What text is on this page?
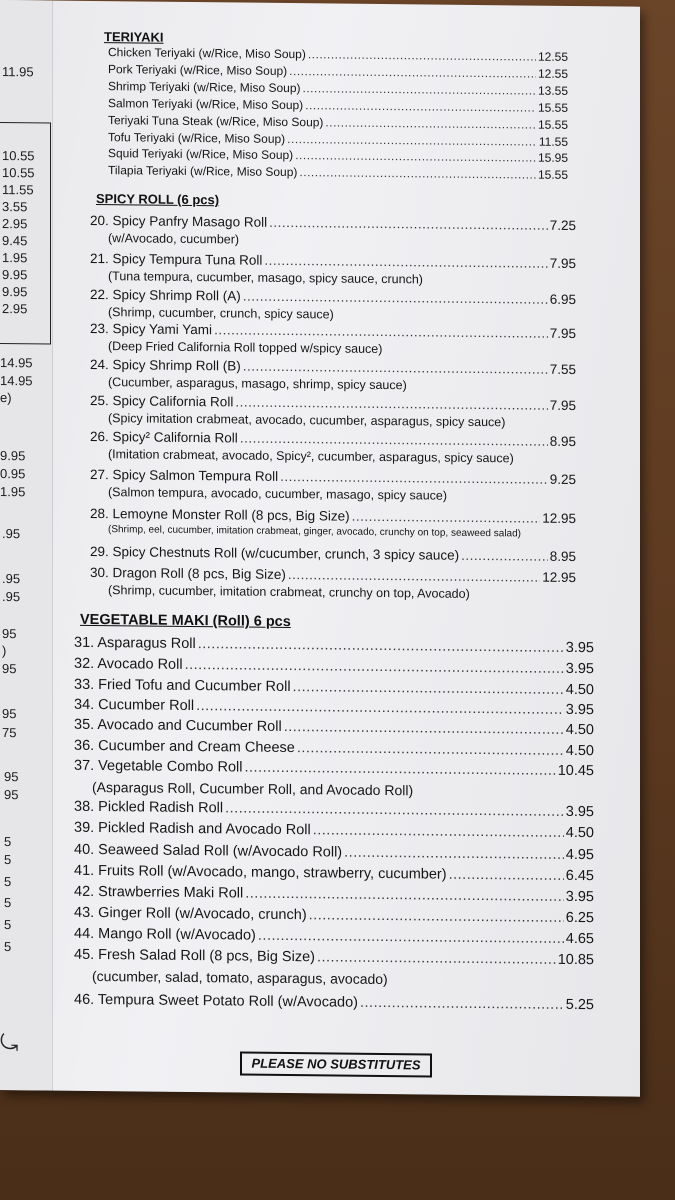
11.95
10.55
10.55
11.55
3.55
2.95
9.45
1.95
9.95
9.95
2.95
14.95
14.95
e)
9.95
0.95
1.95
.95
.95
.95
95
)
95
95
75
95
95
5
5
5
5
5
5
⤿
TERIYAKI
Chicken Teriyaki (w/Rice, Miso Soup) .....	12.55
Pork Teriyaki (w/Rice, Miso Soup) .....	12.55
Shrimp Teriyaki (w/Rice, Miso Soup) .....	13.55
Salmon Teriyaki (w/Rice, Miso Soup) .....	15.55
Teriyaki Tuna Steak (w/Rice, Miso Soup) .....	15.55
Tofu Teriyaki (w/Rice, Miso Soup) .....	11.55
Squid Teriyaki (w/Rice, Miso Soup) .....	15.95
Tilapia Teriyaki (w/Rice, Miso Soup) .....	15.55
SPICY ROLL (6 pcs)
20. Spicy Panfry Masago Roll .....	7.25
(w/Avocado, cucumber)
21. Spicy Tempura Tuna Roll .....	7.95
(Tuna tempura, cucumber, masago, spicy sauce, crunch)
22. Spicy Shrimp Roll (A) .....	6.95
(Shrimp, cucumber, crunch, spicy sauce)
23. Spicy Yami Yami .....	7.95
(Deep Fried California Roll topped w/spicy sauce)
24. Spicy Shrimp Roll (B) .....	7.55
(Cucumber, asparagus, masago, shrimp, spicy sauce)
25. Spicy California Roll .....	7.95
(Spicy imitation crabmeat, avocado, cucumber, asparagus, spicy sauce)
26. Spicy² California Roll .....	8.95
(Imitation crabmeat, avocado, Spicy², cucumber, asparagus, spicy sauce)
27. Spicy Salmon Tempura Roll .....	9.25
(Salmon tempura, avocado, cucumber, masago, spicy sauce)
28. Lemoyne Monster Roll (8 pcs, Big Size) .....	12.95
(Shrimp, eel, cucumber, imitation crabmeat, ginger, avocado, crunchy on top, seaweed salad)
29. Spicy Chestnuts Roll (w/cucumber, crunch, 3 spicy sauce) .....	8.95
30. Dragon Roll (8 pcs, Big Size) .....	12.95
(Shrimp, cucumber, imitation crabmeat, crunchy on top, Avocado)
VEGETABLE MAKI (Roll) 6 pcs
31. Asparagus Roll .....	3.95
32. Avocado Roll .....	3.95
33. Fried Tofu and Cucumber Roll .....	4.50
34. Cucumber Roll .....	3.95
35. Avocado and Cucumber Roll .....	4.50
36. Cucumber and Cream Cheese .....	4.50
37. Vegetable Combo Roll .....	10.45
(Asparagus Roll, Cucumber Roll, and Avocado Roll)
38. Pickled Radish Roll .....	3.95
39. Pickled Radish and Avocado Roll .....	4.50
40. Seaweed Salad Roll (w/Avocado Roll) .....	4.95
41. Fruits Roll (w/Avocado, mango, strawberry, cucumber) .....	6.45
42. Strawberries Maki Roll .....	3.95
43. Ginger Roll (w/Avocado, crunch) .....	6.25
44. Mango Roll (w/Avocado) .....	4.65
45. Fresh Salad Roll (8 pcs, Big Size) .....	10.85
(cucumber, salad, tomato, asparagus, avocado)
46. Tempura Sweet Potato Roll (w/Avocado) .....	5.25
PLEASE NO SUBSTITUTES
